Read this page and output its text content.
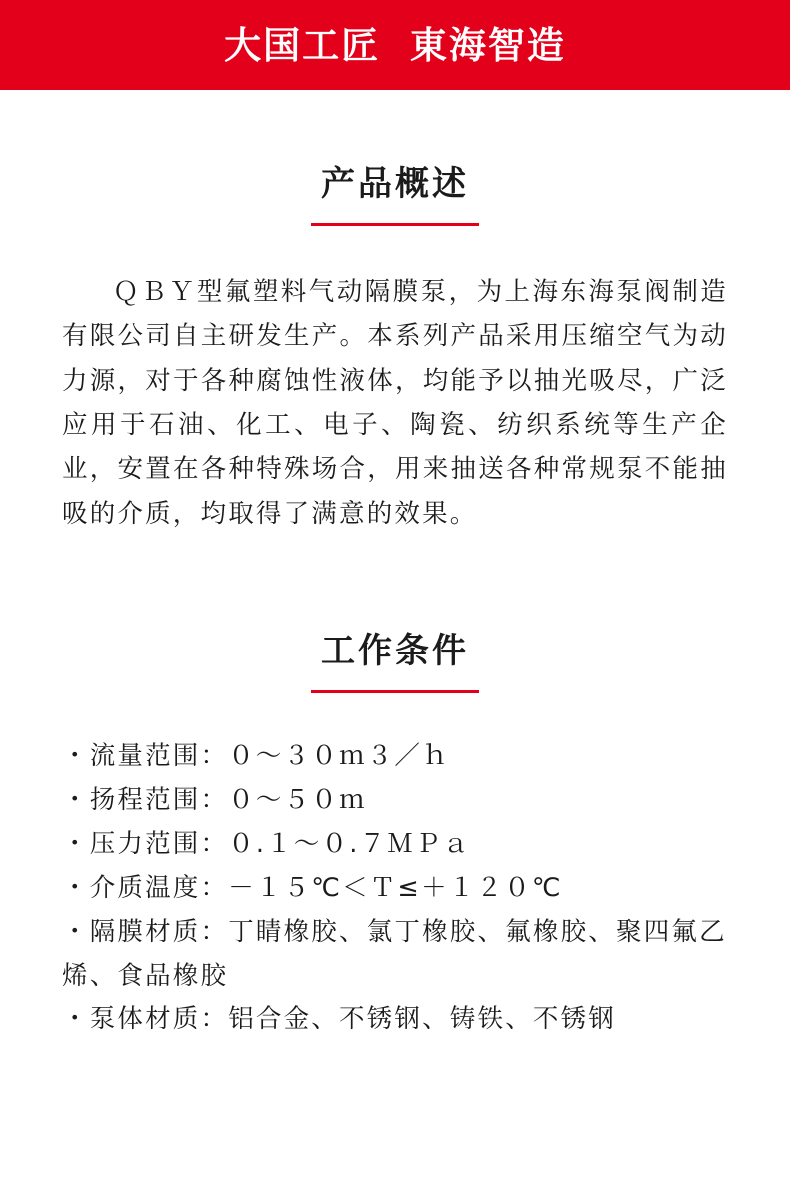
大国工匠  東海智造
产品概述

ＱＢＹ型氟塑料气动隔膜泵，为上海东海泵阀制造有限公司自主研发生产。本系列产品采用压缩空气为动力源，对于各种腐蚀性液体，均能予以抽光吸尽，广泛应用于石油、化工、电子、陶瓷、纺织系统等生产企业，安置在各种特殊场合，用来抽送各种常规泵不能抽吸的介质，均取得了满意的效果。

工作条件
・流量范围：０～３０ｍ３／ｈ
・扬程范围：０～５０ｍ
・压力范围：０.１～０.７ＭＰａ
・介质温度：－１５℃＜Ｔ≤＋１２０℃
・隔膜材质：丁睛橡胶、氯丁橡胶、氟橡胶、聚四氟乙烯、食品橡胶
・泵体材质：铝合金、不锈钢、铸铁、不锈钢
